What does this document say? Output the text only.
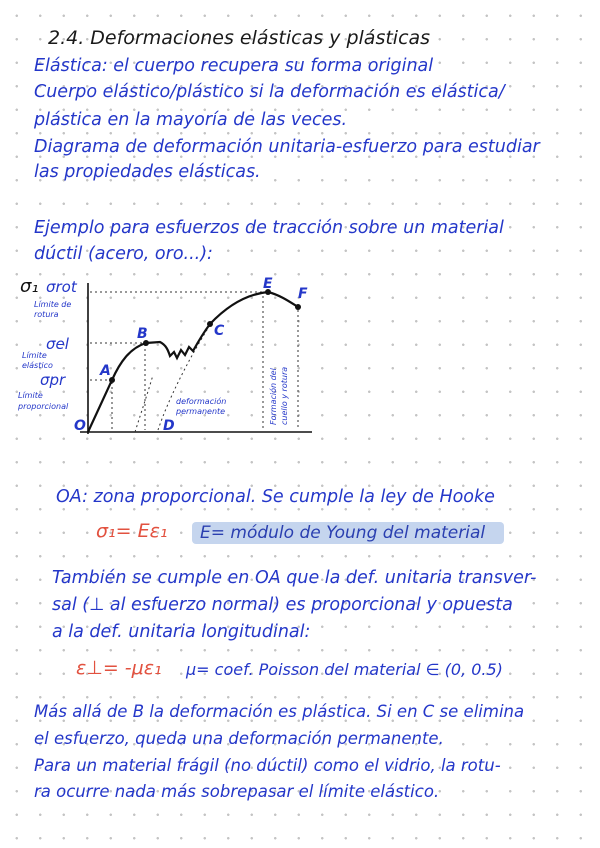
2.4. Deformaciones elásticas y plásticas
Elástica: el cuerpo recupera su forma original
Cuerpo elástico/plástico si la deformación es elástica/
plástica en la mayoría de las veces.
Diagrama de deformación unitaria-esfuerzo para estudiar
las propiedades elásticas.
Ejemplo para esfuerzos de tracción sobre un material
dúctil (acero, oro...):
σ₁ σrot
Límite de
rotura
σel
Límite
elástico
σpr
Límite
proporcional
O
A
B	C
D
E
F
deformación
permanente	Formación del cuello y rotura
OA: zona proporcional. Se cumple la ley de Hooke
σ₁= Eε₁ E= módulo de Young del material
También se cumple en OA que la def. unitaria transver-
sal (⊥ al esfuerzo normal) es proporcional y opuesta
a la def. unitaria longitudinal:
ε⊥= -με₁ μ= coef. Poisson del material ∈ (0, 0.5)
Más allá de B la deformación es plástica. Si en C se elimina
el esfuerzo, queda una deformación permanente.
Para un material frágil (no dúctil) como el vidrio, la rotu-
ra ocurre nada más sobrepasar el límite elástico.
